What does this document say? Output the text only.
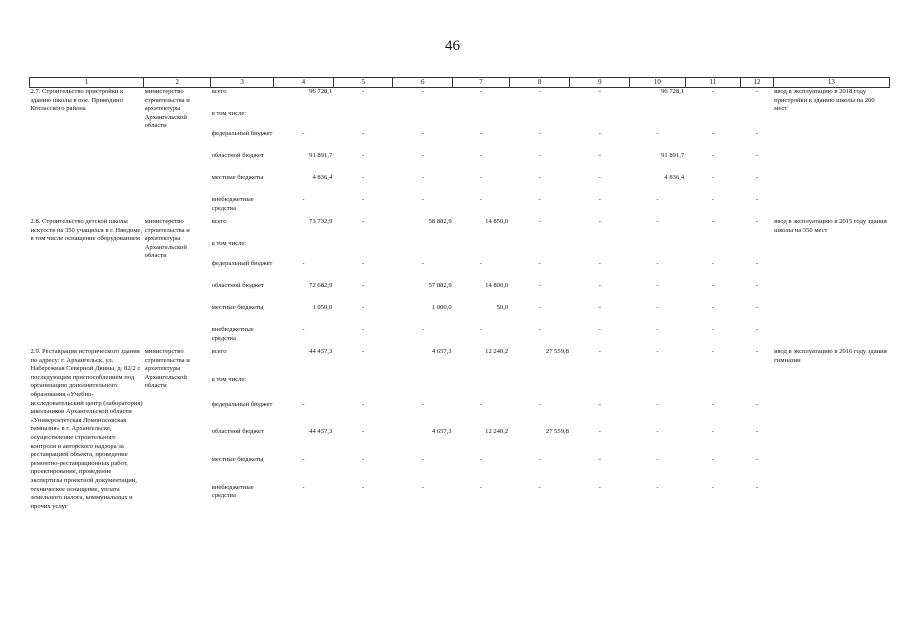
46
1	2	3	4	5	6	7	8	9	10	11	12	13
2.7. Строительство пристройки к зданию школы в пос. Приводино Котласского района	министерство строительства и архитектуры Архангельской области	всего	96 728,1	-	-	-	-	-	96 728,1	-	-	ввод в эксплуатацию в 2018 году пристройки к зданию школы на 200 мест
		в том числе:										
		федеральный бюджет	-	-	-	-	-	-	-	-	-	
		областной бюджет	91 891,7	-	-	-	-	-	91 891,7	-	-	
		местные бюджеты	4 836,4	-	-	-	-	-	4 836,4	-	-	
		внебюджетные средства	-	-	-	-	-	-	-	-	-	
2.8. Строительство детской школы искусств на 350 учащихся в г. Няндоме, в том числе оснащение оборудованием	министерство строительства и архитектуры Архангельской области	всего	73 732,9	-	58 882,9	14 850,0	-	-	-	-	-	ввод в эксплуатацию в 2015 году здания школы на 350 мест
		в том числе:										
		федеральный бюджет	-	-	-	-	-	-	-	-	-	
		областной бюджет	72 682,9	-	57 882,9	14 800,0	-	-	-	-	-	
		местные бюджеты	1 050,0	-	1 000,0	50,0	-	-	-	-	-	
		внебюджетные средства	-	-	-	-	-	-	-	-	-	
2.9. Реставрация исторического здания по адресу: г. Архангельск, ул. Набережная Северной Двины, д. 82/2 с последующим приспособлением под организацию дополнительного образования «Учебно-исследовательский центр (лаборатория) школьников Архангельской области «Университетская Ломоносовская гимназия» в г. Архангельске, осуществление строительного контроля и авторского надзора за реставрацией объекта, проведение ремонтно-реставрационных работ, проектирование, проведение экспертизы проектной документации, техническое оснащение, уплата земельного налога, коммунальных и прочих услуг	министерство строительства и архитектуры Архангельской области	всего	44 457,3	-	4 657,3	12 240,2	27 559,8	-	-	-	-	ввод в эксплуатацию в 2016 году здания гимназии
		в том числе:										
		федеральный бюджет	-	-	-	-	-	-	-	-	-	
		областной бюджет	44 457,3	-	4 657,3	12 240,2	27 559,8	-	-	-	-	
		местные бюджеты	-	-	-	-	-	-	-	-	-	
		внебюджетные средства	-	-	-	-	-	-	-	-	-	
